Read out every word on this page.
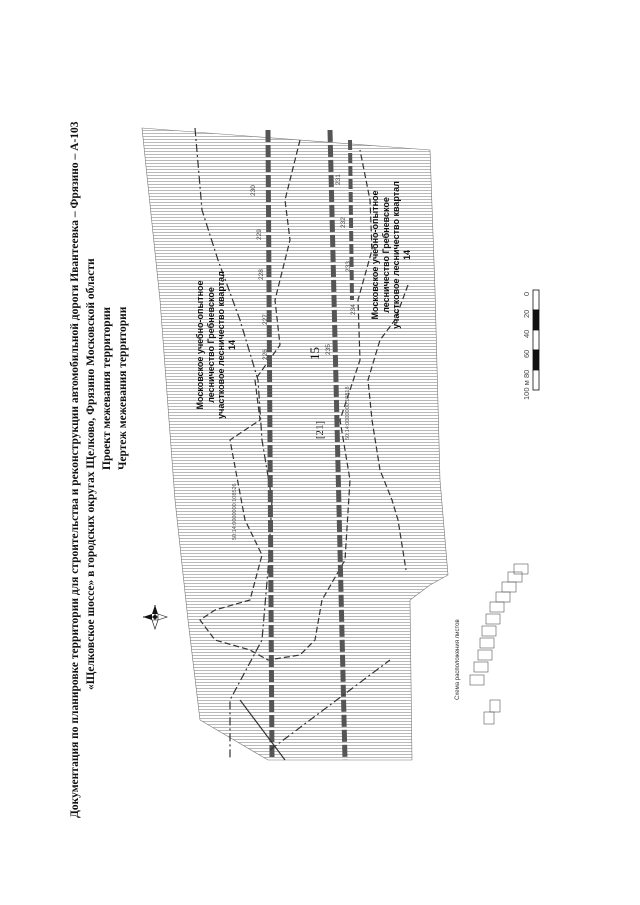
Документация по планировке территории для строительства и реконструкции автомобильной дороги Ивантеевка – Фрязино – А-103 «Щелковское шоссе» в городских округах Щелково, Фрязино Московской области Проект межевания территории Чертеж межевания территории	Московское учебно-опытное лесничество Гребневское участковое лесничество квартал 14
Московское учебно-опытное лесничество Гребневское участковое лесничество квартал 14
50:14:0000000:108526
50:14:0000000:10818
15
226
227
228
229
230
231
232
233
234
235
Схема расположения листов
0
20
40
60
80
100 м
